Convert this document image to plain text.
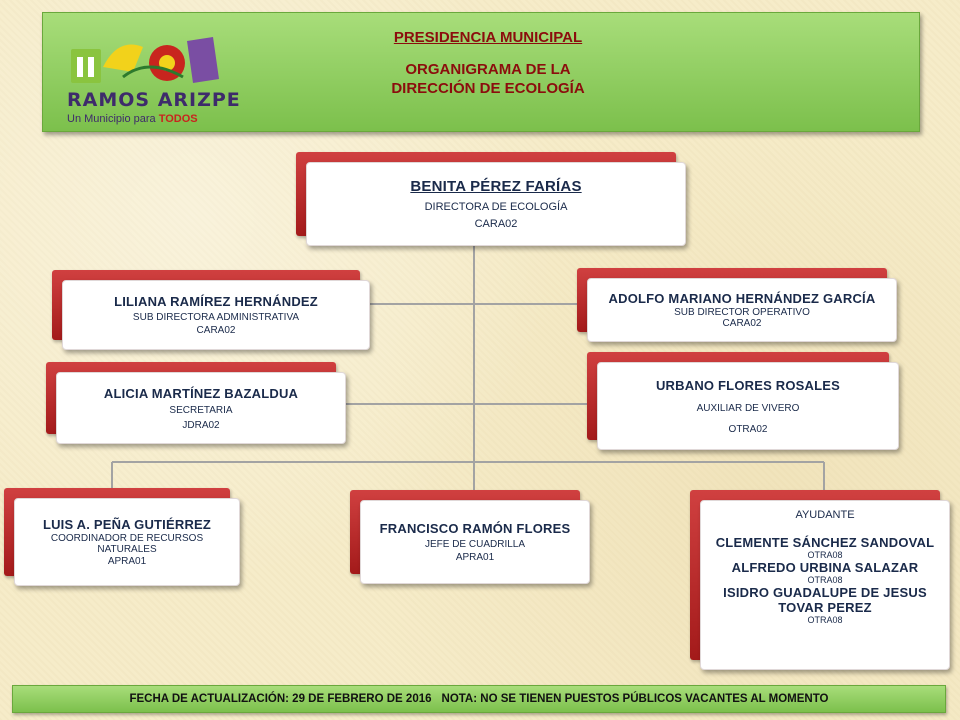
RAMOS ARIZPE
Un Municipio para TODOS
PRESIDENCIA MUNICIPAL
ORGANIGRAMA DE LA
DIRECCIÓN DE ECOLOGÍA
BENITA PÉREZ FARÍAS
DIRECTORA DE ECOLOGÍA
CARA02
LILIANA RAMÍREZ HERNÁNDEZ
SUB DIRECTORA ADMINISTRATIVA
CARA02
ADOLFO MARIANO HERNÁNDEZ GARCÍA
SUB DIRECTOR OPERATIVO
CARA02
ALICIA MARTÍNEZ BAZALDUA
SECRETARIA
JDRA02
URBANO FLORES ROSALES
AUXILIAR DE VIVERO
OTRA02
LUIS A. PEÑA GUTIÉRREZ
COORDINADOR DE RECURSOS NATURALES
APRA01
FRANCISCO RAMÓN FLORES
JEFE DE CUADRILLA
APRA01
AYUDANTE
CLEMENTE SÁNCHEZ SANDOVAL
OTRA08
ALFREDO URBINA SALAZAR
OTRA08
ISIDRO GUADALUPE DE JESUS TOVAR PEREZ
OTRA08
FECHA DE ACTUALIZACIÓN: 29 DE FEBRERO DE 2016 NOTA: NO SE TIENEN PUESTOS PÚBLICOS VACANTES AL MOMENTO
